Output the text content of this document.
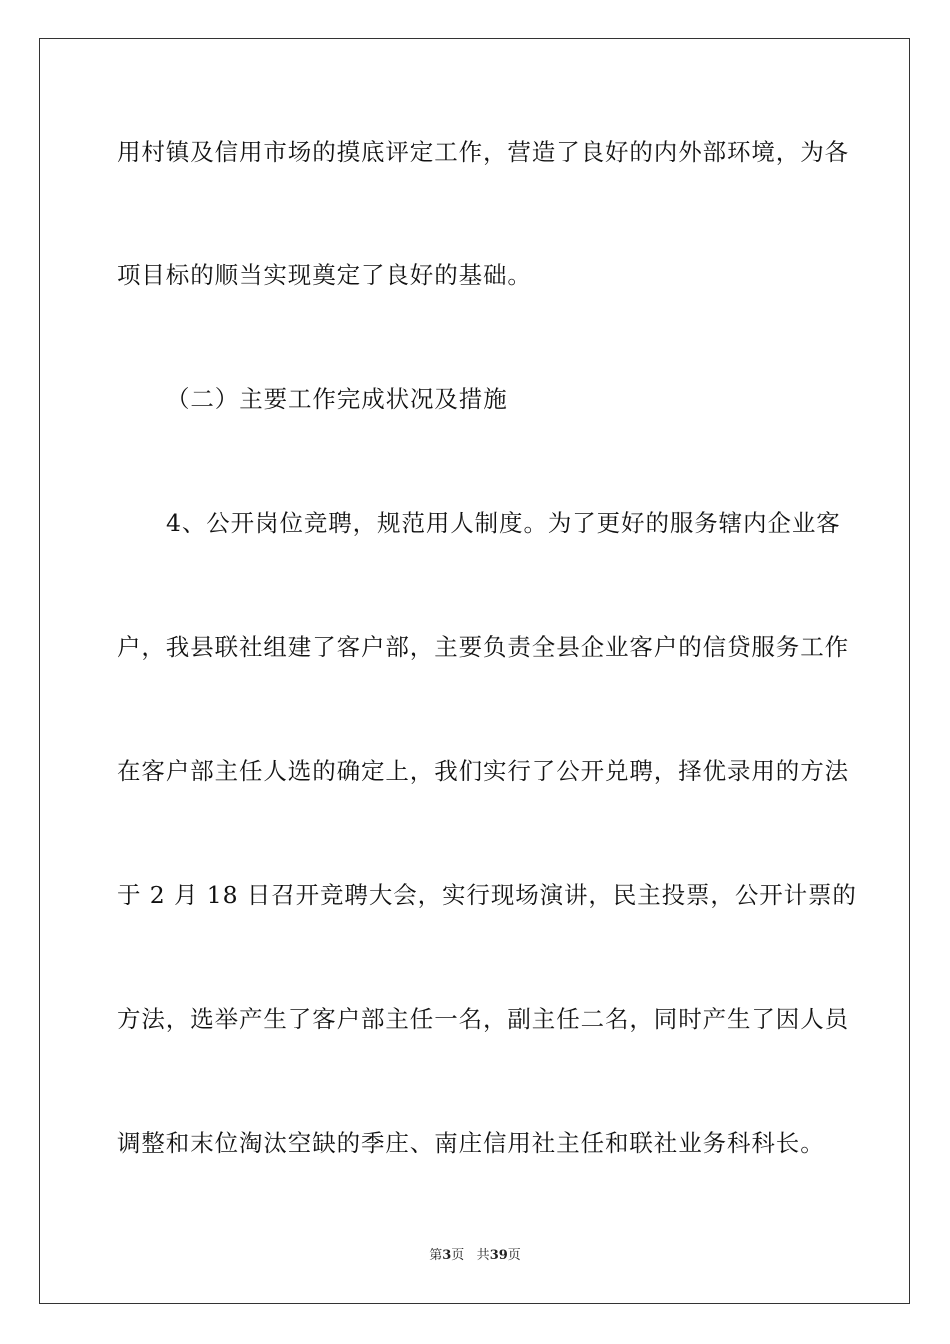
用村镇及信用市场的摸底评定工作，营造了良好的内外部环境，为各
项目标的顺当实现奠定了良好的基础。
（二）主要工作完成状况及措施
4、公开岗位竞聘，规范用人制度。为了更好的服务辖内企业客
户，我县联社组建了客户部，主要负责全县企业客户的信贷服务工作
在客户部主任人选的确定上，我们实行了公开兑聘，择优录用的方法
于 2 月 18 日召开竞聘大会，实行现场演讲，民主投票，公开计票的
方法，选举产生了客户部主任一名，副主任二名，同时产生了因人员
调整和末位淘汰空缺的季庄、南庄信用社主任和联社业务科科长。
第3页 共39页
